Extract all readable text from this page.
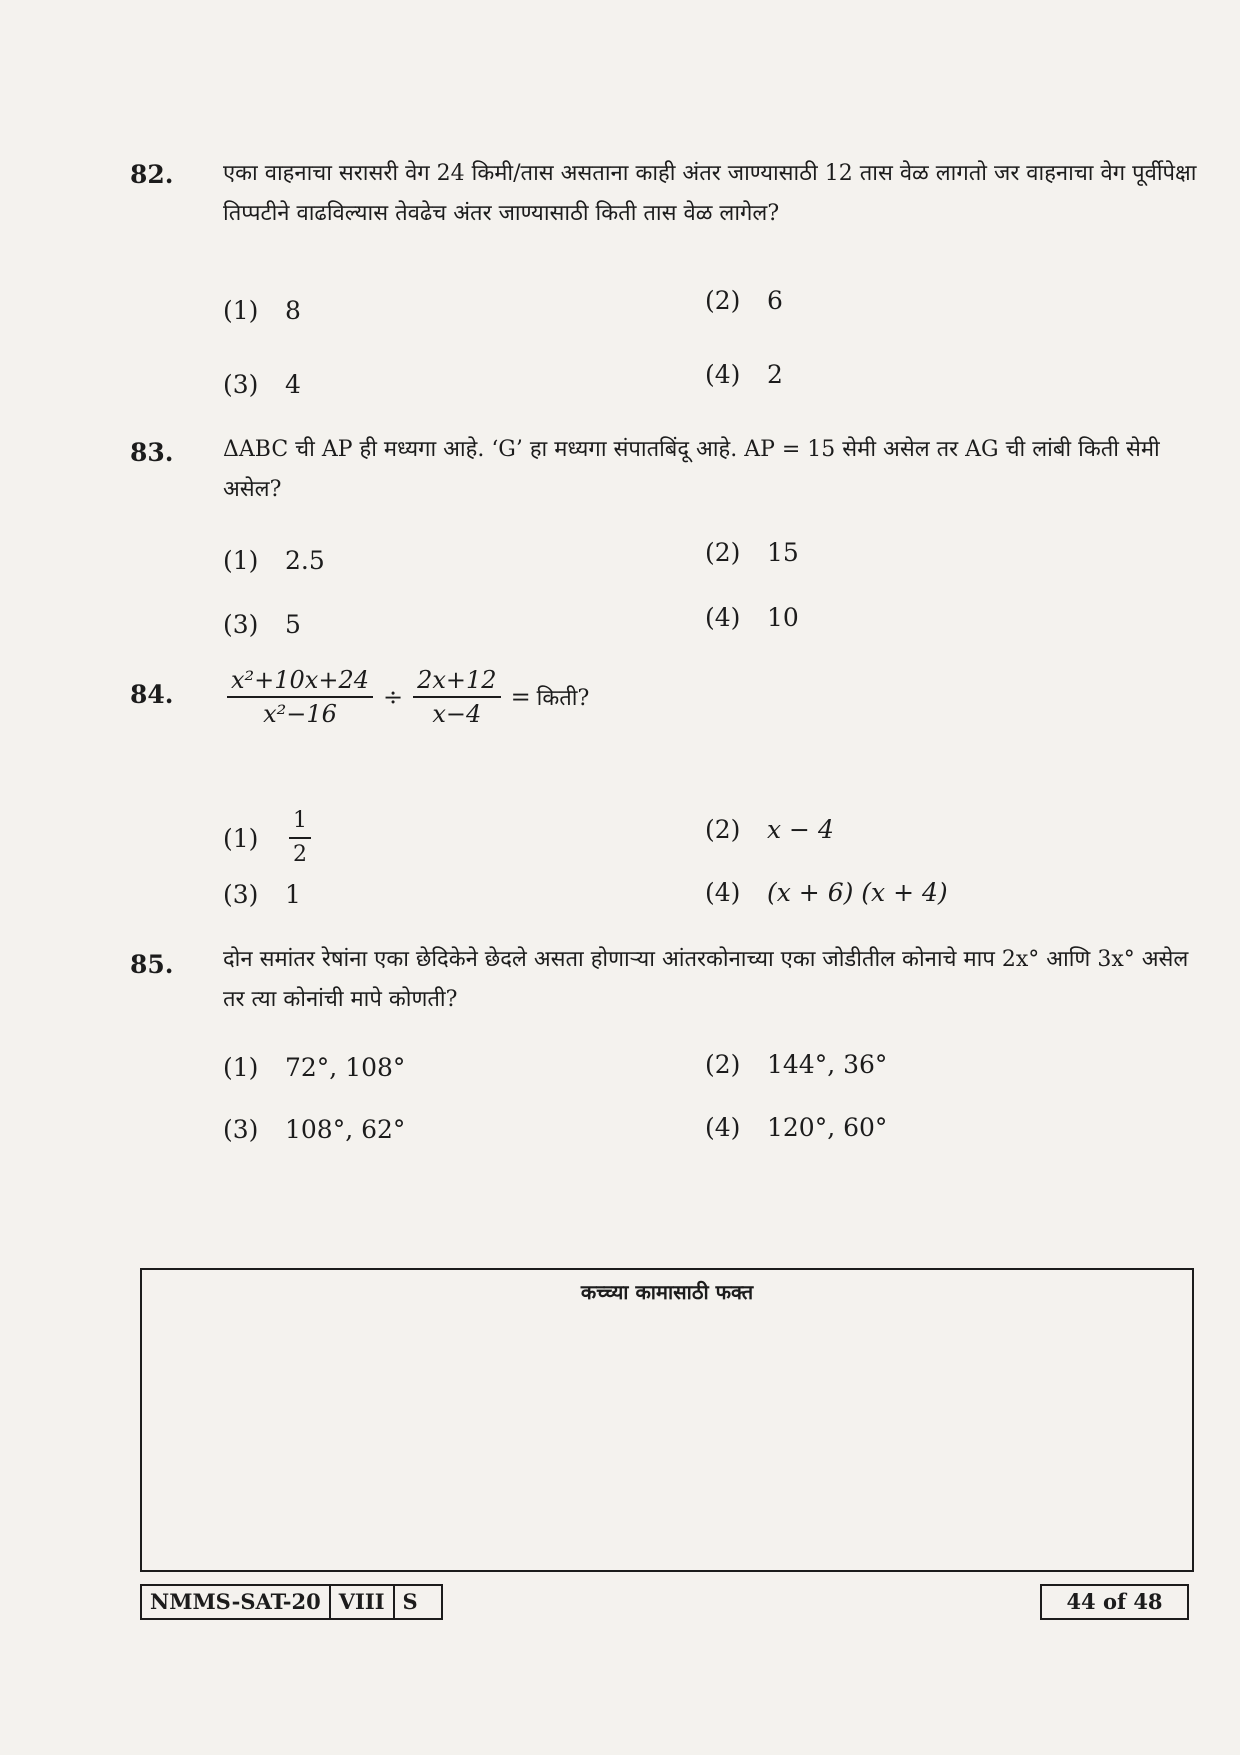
82. एका वाहनाचा सरासरी वेग 24 किमी/तास असताना काही अंतर जाण्यासाठी 12 तास वेळ लागतो जर वाहनाचा वेग पूर्वीपेक्षा तिप्पटीने वाढविल्यास तेवढेच अंतर जाण्यासाठी किती तास वेळ लागेल?
(1) 8	(2) 6
(3) 4	(4) 2
83. ΔABC ची AP ही मध्यगा आहे. ‘G’ हा मध्यगा संपातबिंदू आहे. AP = 15 सेमी असेल तर AG ची लांबी किती सेमी असेल?
(1) 2.5	(2) 15
(3) 5	(4) 10
84. $\frac{\text{x²+10x+24}}{\text{x²−16}} \div \frac{2x+12}{x-4}$ = किती?
(1)	$\frac{1}{2}$	(2) x − 4
(3) 1	(4) (x + 6) (x + 4)
85. दोन समांतर रेषांना एका छेदिकेने छेदले असता होणाऱ्या आंतरकोनाच्या एका जोडीतील कोनाचे माप 2x° आणि 3x° असेल तर त्या कोनांची मापे कोणती?
(1) 72°, 108°	(2) 144°, 36°
(3) 108°, 62°	(4) 120°, 60°
कच्च्या कामासाठी फक्त
NMMS-SAT-20 VIII S	44 of 48
